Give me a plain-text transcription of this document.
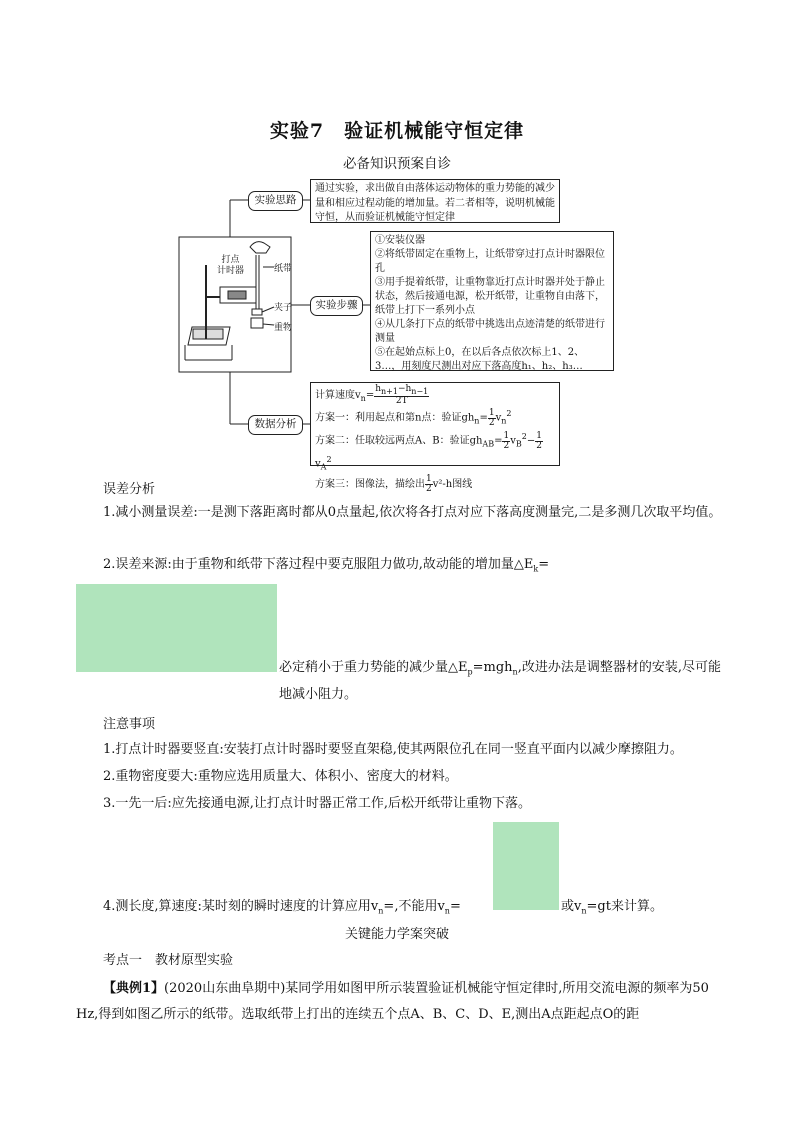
实验7　验证机械能守恒定律
必备知识预案自诊
打点
计时器	纸带
夹子
重物
实验思路
实验步骤
数据分析
通过实验，求出做自由落体运动物体的重力势能的减少量和相应过程动能的增加量。若二者相等，说明机械能守恒，从而验证机械能守恒定律
①安装仪器
②将纸带固定在重物上，让纸带穿过打点计时器限位孔
③用手提着纸带，让重物靠近打点计时器并处于静止状态，然后接通电源，松开纸带，让重物自由落下，纸带上打下一系列小点
④从几条打下点的纸带中挑选出点迹清楚的纸带进行测量
⑤在起始点标上0，在以后各点依次标上1、2、3…，用刻度尺测出对应下落高度h₁、h₂、h₃…
计算速度$v_n= \frac{h_{n+1}-h_{n-1}}{2T}$
方案一：利用起点和第n点：验证$gh_n= \frac{1}{2} v_n^2$
方案二：任取较远两点A、B：验证$gh_{AB}= \frac{1}{2} v_B^2- \frac{1}{2}$
$v_A^2$
方案三：图像法，描绘出 $\frac{1}{2} v^2-h$图线
误差分析
1.减小测量误差:一是测下落距离时都从0点量起,依次将各打点对应下落高度测量完,二是多测几次取平均值。
2.误差来源:由于重物和纸带下落过程中要克服阻力做功,故动能的增加量$\triangle E_k=$
必定稍小于重力势能的减少量$\triangle E_p=mgh_n$,改进办法是调整器材的安装,尽可能地减小阻力。
注意事项
1.打点计时器要竖直:安装打点计时器时要竖直架稳,使其两限位孔在同一竖直平面内以减少摩擦阻力。
2.重物密度要大:重物应选用质量大、体积小、密度大的材料。
3.一先一后:应先接通电源,让打点计时器正常工作,后松开纸带让重物下落。
4.测长度,算速度:某时刻的瞬时速度的计算应用$v_n=$,不能用$v_n=$	或$v_n=gt$来计算。
关键能力学案突破
考点一　教材原型实验
【典例1】(2020山东曲阜期中)某同学用如图甲所示装置验证机械能守恒定律时,所用交流电源的频率为50 Hz,得到如图乙所示的纸带。选取纸带上打出的连续五个点A、B、C、D、E,测出A点距起点O的距
